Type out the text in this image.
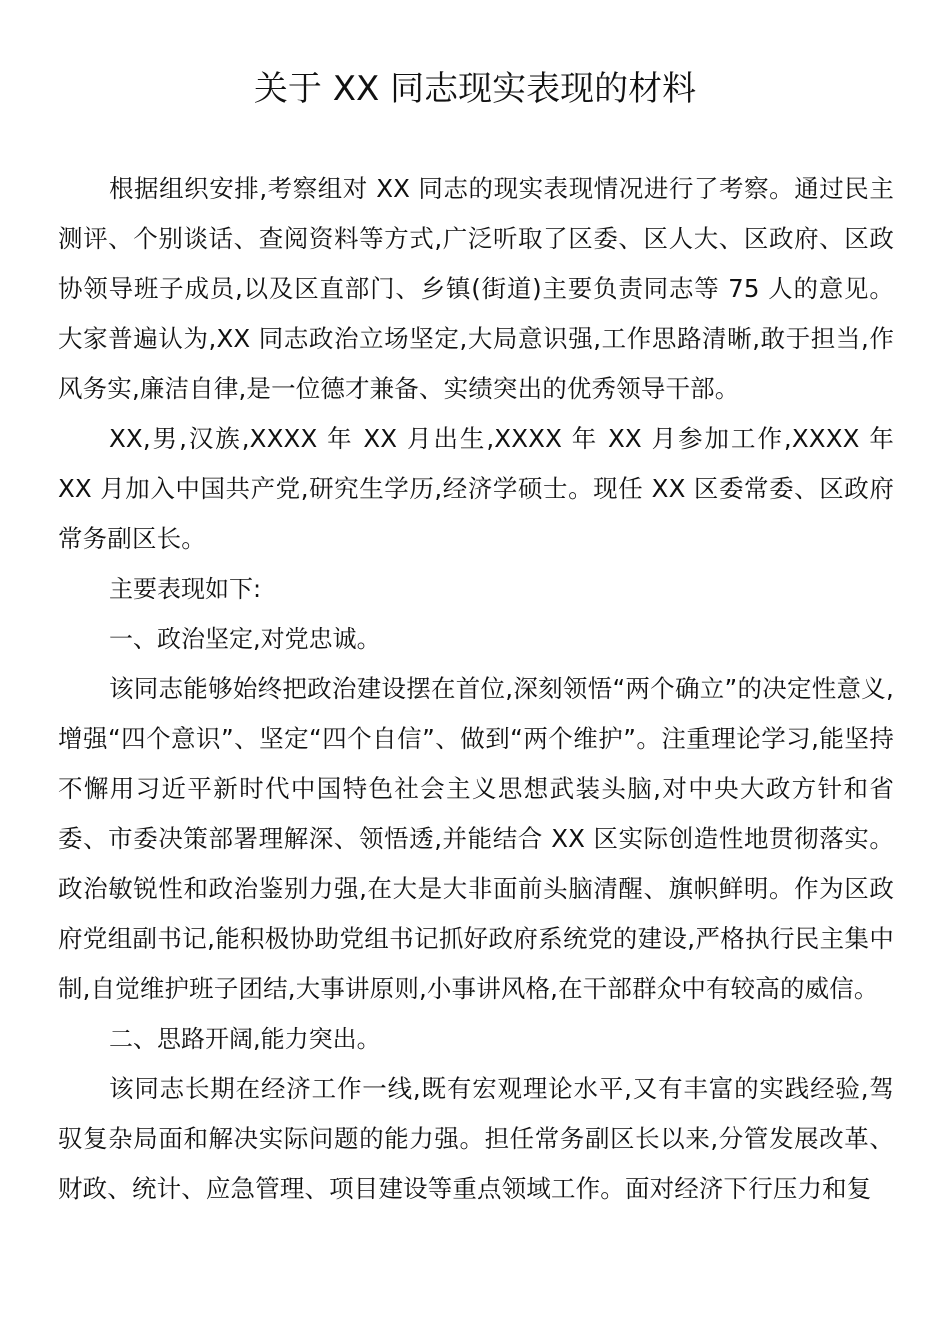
关于 XX 同志现实表现的材料

根据组织安排,考察组对 XX 同志的现实表现情况进行了考察。通过民主测评、个别谈话、查阅资料等方式,广泛听取了区委、区人大、区政府、区政协领导班子成员,以及区直部门、乡镇(街道)主要负责同志等 75 人的意见。大家普遍认为,XX 同志政治立场坚定,大局意识强,工作思路清晰,敢于担当,作风务实,廉洁自律,是一位德才兼备、实绩突出的优秀领导干部。

XX,男,汉族,XXXX 年 XX 月出生,XXXX 年 XX 月参加工作,XXXX 年 XX 月加入中国共产党,研究生学历,经济学硕士。现任 XX 区委常委、区政府常务副区长。

主要表现如下:

一、政治坚定,对党忠诚。

该同志能够始终把政治建设摆在首位,深刻领悟“两个确立”的决定性意义,增强“四个意识”、坚定“四个自信”、做到“两个维护”。注重理论学习,能坚持不懈用习近平新时代中国特色社会主义思想武装头脑,对中央大政方针和省委、市委决策部署理解深、领悟透,并能结合 XX 区实际创造性地贯彻落实。政治敏锐性和政治鉴别力强,在大是大非面前头脑清醒、旗帜鲜明。作为区政府党组副书记,能积极协助党组书记抓好政府系统党的建设,严格执行民主集中制,自觉维护班子团结,大事讲原则,小事讲风格,在干部群众中有较高的威信。

二、思路开阔,能力突出。

该同志长期在经济工作一线,既有宏观理论水平,又有丰富的实践经验,驾驭复杂局面和解决实际问题的能力强。担任常务副区长以来,分管发展改革、财政、统计、应急管理、项目建设等重点领域工作。面对经济下行压力和复
